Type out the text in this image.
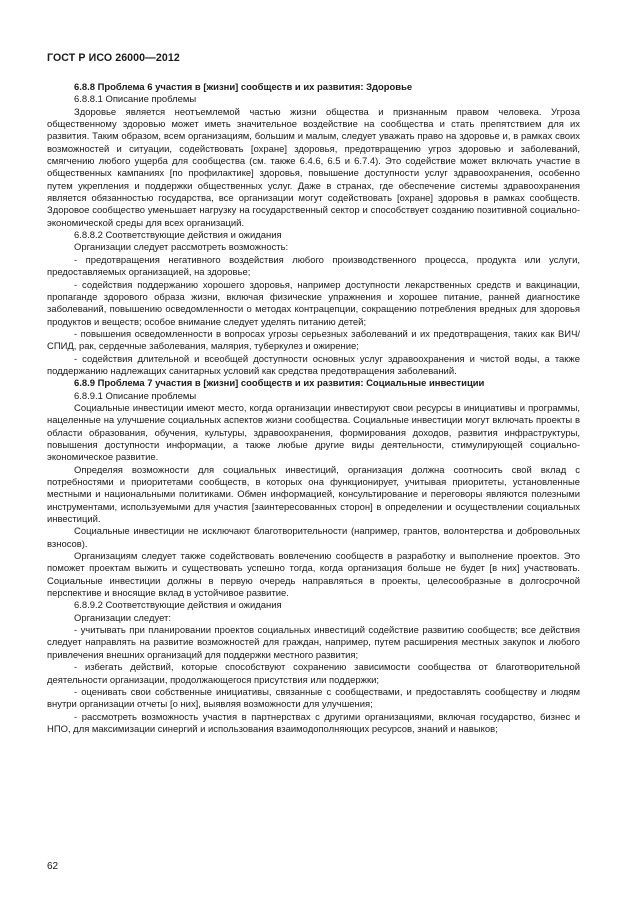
ГОСТ Р ИСО 26000—2012

6.8.8 Проблема 6 участия в [жизни] сообществ и их развития: Здоровье

6.8.8.1 Описание проблемы

Здоровье является неотъемлемой частью жизни общества и признанным правом человека. Угроза общественному здоровью может иметь значительное воздействие на сообщества и стать препятствием для их развития. Таким образом, всем организациям, большим и малым, следует уважать право на здоровье и, в рамках своих возможностей и ситуации, содействовать [охране] здоровья, предотвращению угроз здоровью и заболеваний, смягчению любого ущерба для сообщества (см. также 6.4.6, 6.5 и 6.7.4). Это содействие может включать участие в общественных кампаниях [по профилактике] здоровья, повышение доступности услуг здравоохранения, особенно путем укрепления и поддержки общественных услуг. Даже в странах, где обеспечение системы здравоохранения является обязанностью государства, все организации могут содействовать [охране] здоровья в рамках сообществ. Здоровое сообщество уменьшает нагрузку на государственный сектор и способствует созданию позитивной социально-экономической среды для всех организаций.

6.8.8.2 Соответствующие действия и ожидания

Организации следует рассмотреть возможность:

- предотвращения негативного воздействия любого производственного процесса, продукта или услуги, предоставляемых организацией, на здоровье;

- содействия поддержанию хорошего здоровья, например доступности лекарственных средств и вакцинации, пропаганде здорового образа жизни, включая физические упражнения и хорошее питание, ранней диагностике заболеваний, повышению осведомленности о методах контрацепции, сокращению потребления вредных для здоровья продуктов и веществ; особое внимание следует уделять питанию детей;

- повышения осведомленности в вопросах угрозы серьезных заболеваний и их предотвращения, таких как ВИЧ/СПИД, рак, сердечные заболевания, малярия, туберкулез и ожирение;

- содействия длительной и всеобщей доступности основных услуг здравоохранения и чистой воды, а также поддержанию надлежащих санитарных условий как средства предотвращения заболеваний.

6.8.9 Проблема 7 участия в [жизни] сообществ и их развития: Социальные инвестиции

6.8.9.1 Описание проблемы

Социальные инвестиции имеют место, когда организации инвестируют свои ресурсы в инициативы и программы, нацеленные на улучшение социальных аспектов жизни сообщества. Социальные инвестиции могут включать проекты в области образования, обучения, культуры, здравоохранения, формирования доходов, развития инфраструктуры, повышения доступности информации, а также любые другие виды деятельности, стимулирующей социально-экономическое развитие.

Определяя возможности для социальных инвестиций, организация должна соотносить свой вклад с потребностями и приоритетами сообществ, в которых она функционирует, учитывая приоритеты, установленные местными и национальными политиками. Обмен информацией, консультирование и переговоры являются полезными инструментами, используемыми для участия [заинтересованных сторон] в определении и осуществлении социальных инвестиций.

Социальные инвестиции не исключают благотворительности (например, грантов, волонтерства и добровольных взносов).

Организациям следует также содействовать вовлечению сообществ в разработку и выполнение проектов. Это поможет проектам выжить и существовать успешно тогда, когда организация больше не будет [в них] участвовать. Социальные инвестиции должны в первую очередь направляться в проекты, целесообразные в долгосрочной перспективе и вносящие вклад в устойчивое развитие.

6.8.9.2 Соответствующие действия и ожидания

Организации следует:

- учитывать при планировании проектов социальных инвестиций содействие развитию сообществ; все действия следует направлять на развитие возможностей для граждан, например, путем расширения местных закупок и любого привлечения внешних организаций для поддержки местного развития;

- избегать действий, которые способствуют сохранению зависимости сообщества от благотворительной деятельности организации, продолжающегося присутствия или поддержки;

- оценивать свои собственные инициативы, связанные с сообществами, и предоставлять сообществу и людям внутри организации отчеты [о них], выявляя возможности для улучшения;

- рассмотреть возможность участия в партнерствах с другими организациями, включая государство, бизнес и НПО, для максимизации синергий и использования взаимодополняющих ресурсов, знаний и навыков;

62
